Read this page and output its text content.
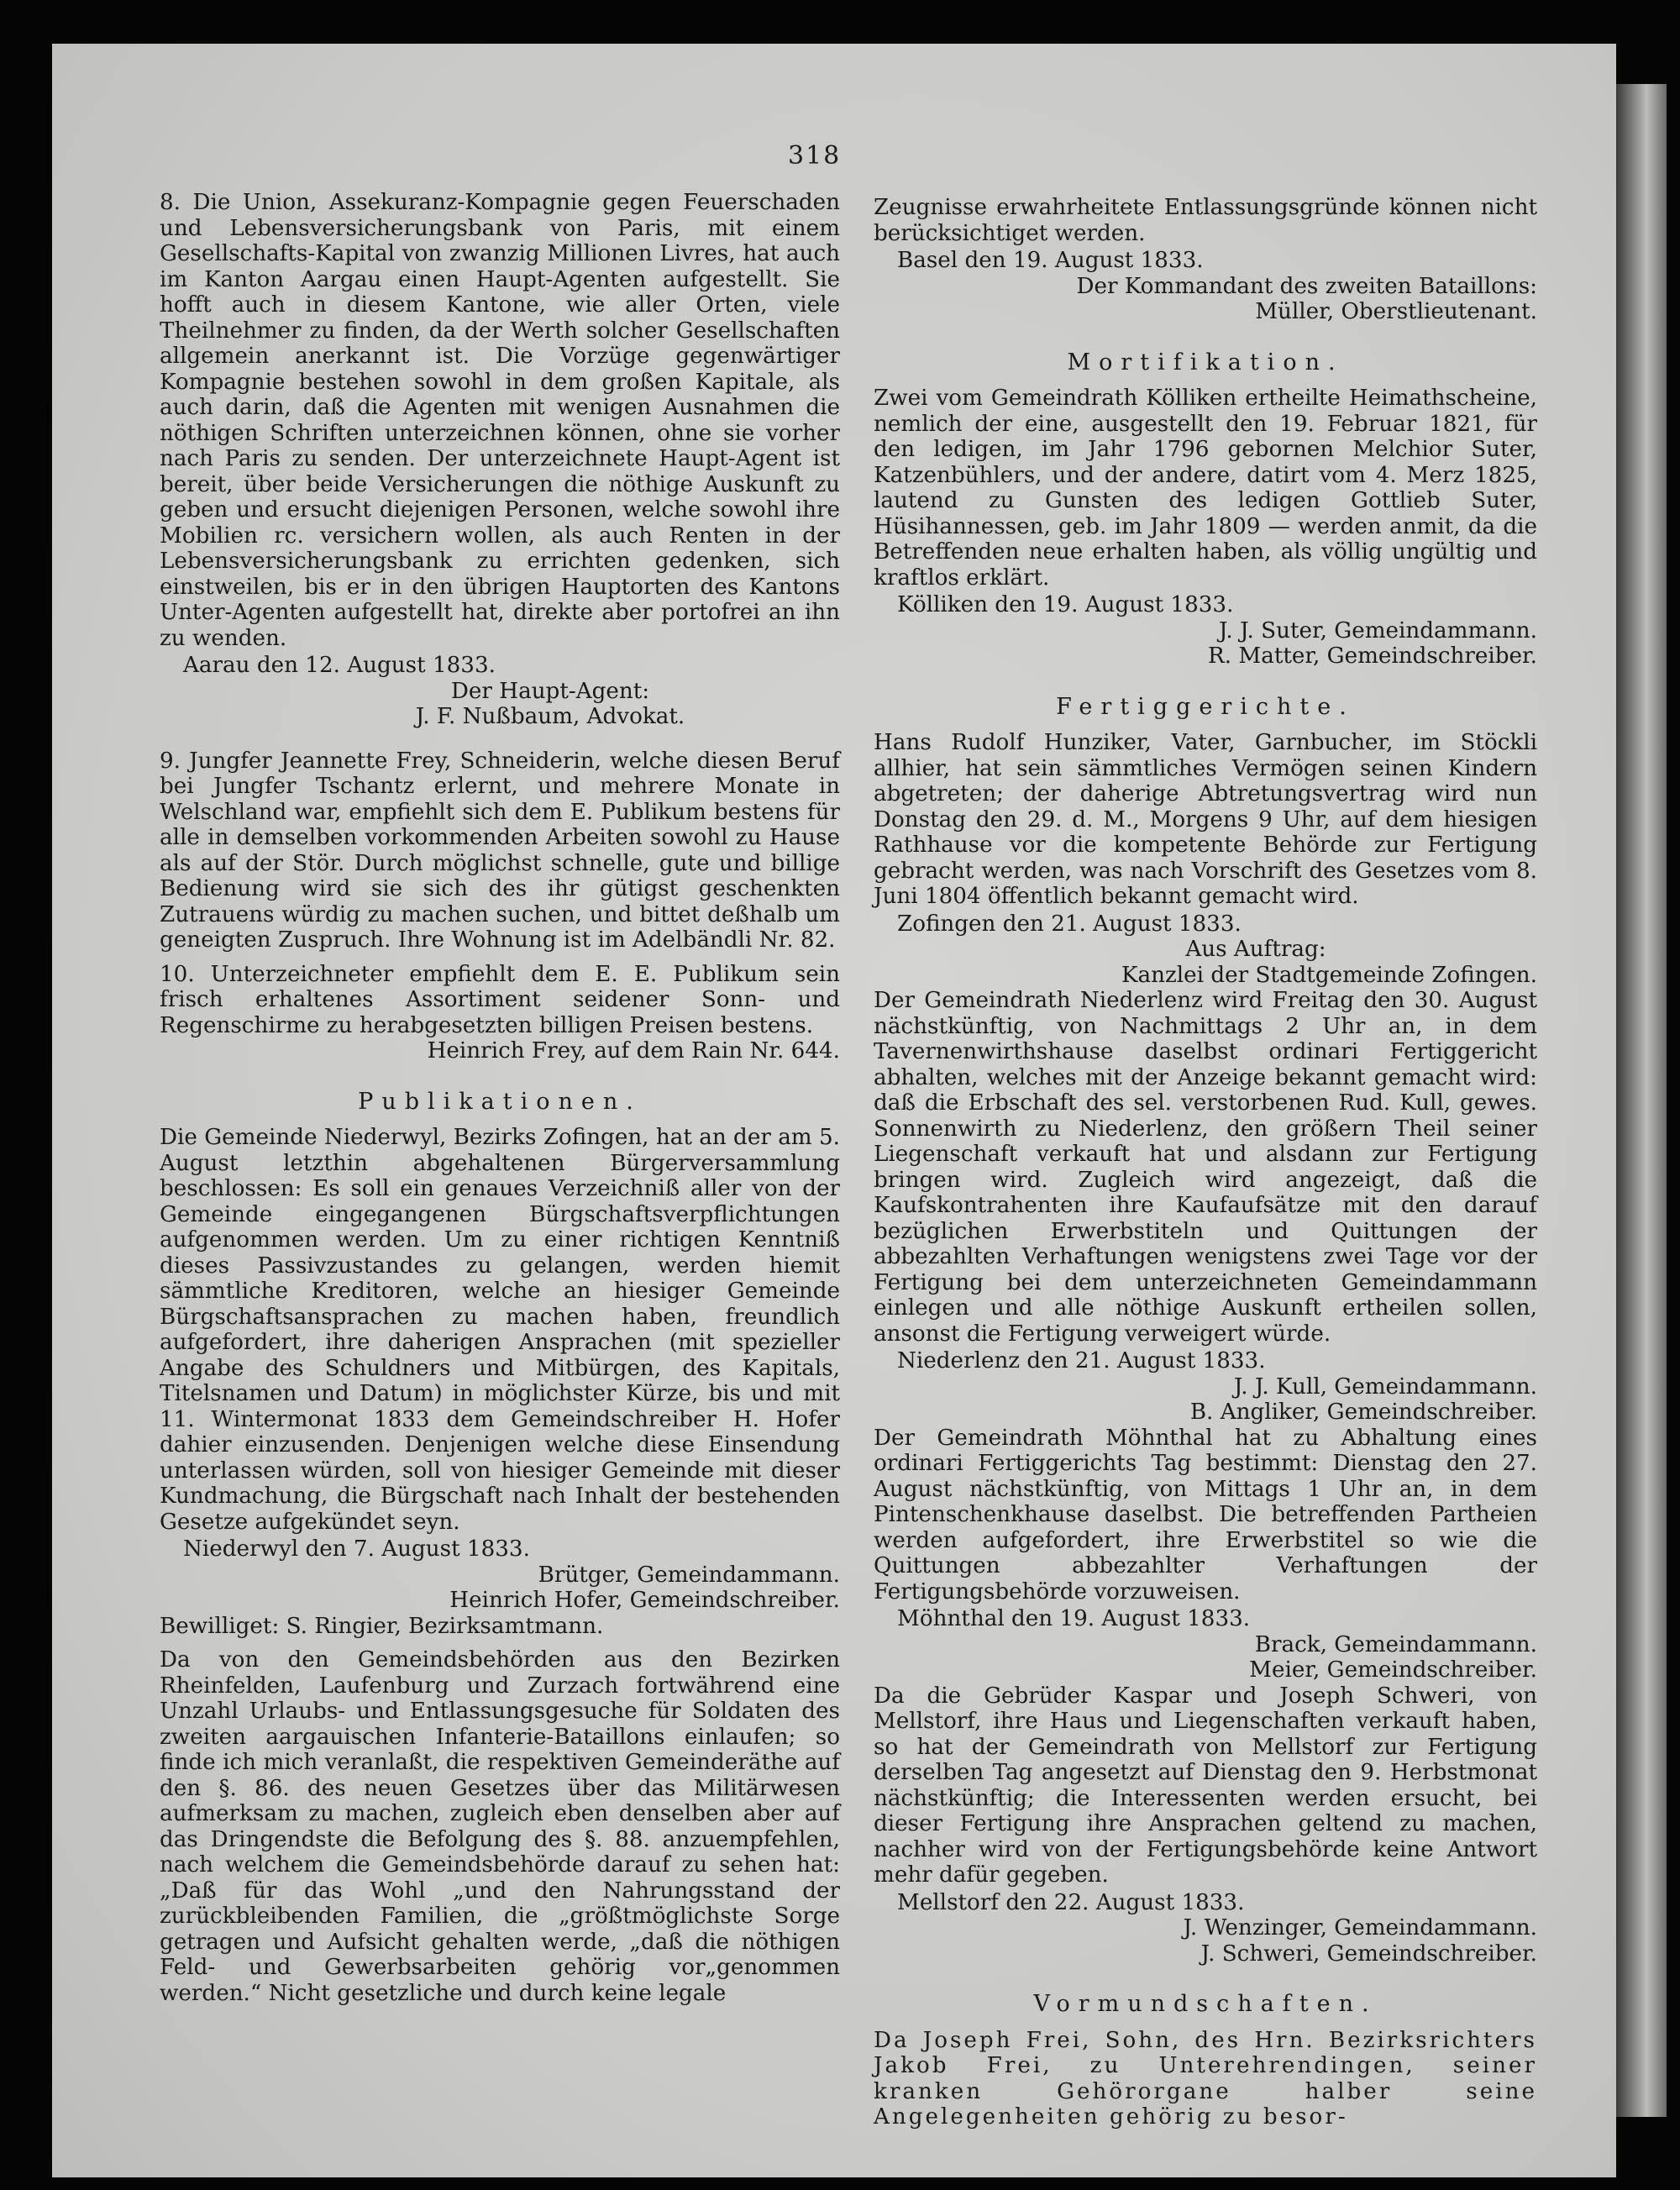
318

8. Die Union, Assekuranz-Kompagnie gegen Feuerschaden und Lebensversicherungsbank von Paris, mit einem Gesellschafts-Kapital von zwanzig Millionen Livres, hat auch im Kanton Aargau einen Haupt-Agenten aufgestellt. Sie hofft auch in diesem Kantone, wie aller Orten, viele Theilnehmer zu finden, da der Werth solcher Gesellschaften allgemein anerkannt ist. Die Vorzüge gegenwärtiger Kompagnie bestehen sowohl in dem großen Kapitale, als auch darin, daß die Agenten mit wenigen Ausnahmen die nöthigen Schriften unterzeichnen können, ohne sie vorher nach Paris zu senden. Der unterzeichnete Haupt-Agent ist bereit, über beide Versicherungen die nöthige Auskunft zu geben und ersucht diejenigen Personen, welche sowohl ihre Mobilien rc. versichern wollen, als auch Renten in der Lebensversicherungsbank zu errichten gedenken, sich einstweilen, bis er in den übrigen Hauptorten des Kantons Unter-Agenten aufgestellt hat, direkte aber portofrei an ihn zu wenden.

Aarau den 12. August 1833.

Der Haupt-Agent:

J. F. Nußbaum, Advokat.

9. Jungfer Jeannette Frey, Schneiderin, welche diesen Beruf bei Jungfer Tschantz erlernt, und mehrere Monate in Welschland war, empfiehlt sich dem E. Publikum bestens für alle in demselben vorkommenden Arbeiten sowohl zu Hause als auf der Stör. Durch möglichst schnelle, gute und billige Bedienung wird sie sich des ihr gütigst geschenkten Zutrauens würdig zu machen suchen, und bittet deßhalb um geneigten Zuspruch. Ihre Wohnung ist im Adelbändli Nr. 82.

10. Unterzeichneter empfiehlt dem E. E. Publikum sein frisch erhaltenes Assortiment seidener Sonn- und Regenschirme zu herabgesetzten billigen Preisen bestens.

Heinrich Frey, auf dem Rain Nr. 644.

Publikationen.

Die Gemeinde Niederwyl, Bezirks Zofingen, hat an der am 5. August letzthin abgehaltenen Bürgerversammlung beschlossen: Es soll ein genaues Verzeichniß aller von der Gemeinde eingegangenen Bürgschaftsverpflichtungen aufgenommen werden. Um zu einer richtigen Kenntniß dieses Passivzustandes zu gelangen, werden hiemit sämmtliche Kreditoren, welche an hiesiger Gemeinde Bürgschaftsansprachen zu machen haben, freundlich aufgefordert, ihre daherigen Ansprachen (mit spezieller Angabe des Schuldners und Mitbürgen, des Kapitals, Titelsnamen und Datum) in möglichster Kürze, bis und mit 11. Wintermonat 1833 dem Gemeindschreiber H. Hofer dahier einzusenden. Denjenigen welche diese Einsendung unterlassen würden, soll von hiesiger Gemeinde mit dieser Kundmachung, die Bürgschaft nach Inhalt der bestehenden Gesetze aufgekündet seyn.

Niederwyl den 7. August 1833.

Brütger, Gemeindammann.

Heinrich Hofer, Gemeindschreiber.

Bewilliget: S. Ringier, Bezirksamtmann.

Da von den Gemeindsbehörden aus den Bezirken Rheinfelden, Laufenburg und Zurzach fortwährend eine Unzahl Urlaubs- und Entlassungsgesuche für Soldaten des zweiten aargauischen Infanterie-Bataillons einlaufen; so finde ich mich veranlaßt, die respektiven Gemeinderäthe auf den §. 86. des neuen Gesetzes über das Militärwesen aufmerksam zu machen, zugleich eben denselben aber auf das Dringendste die Befolgung des §. 88. anzuempfehlen, nach welchem die Gemeindsbehörde darauf zu sehen hat: „Daß für das Wohl „und den Nahrungsstand der zurückbleibenden Familien, die „größtmöglichste Sorge getragen und Aufsicht gehalten werde, „daß die nöthigen Feld- und Gewerbsarbeiten gehörig vor„genommen werden.“ Nicht gesetzliche und durch keine legale

Zeugnisse erwahrheitete Entlassungsgründe können nicht berücksichtiget werden.

Basel den 19. August 1833.

Der Kommandant des zweiten Bataillons:

Müller, Oberstlieutenant.

Mortifikation.

Zwei vom Gemeindrath Kölliken ertheilte Heimathscheine, nemlich der eine, ausgestellt den 19. Februar 1821, für den ledigen, im Jahr 1796 gebornen Melchior Suter, Katzenbühlers, und der andere, datirt vom 4. Merz 1825, lautend zu Gunsten des ledigen Gottlieb Suter, Hüsihannessen, geb. im Jahr 1809 — werden anmit, da die Betreffenden neue erhalten haben, als völlig ungültig und kraftlos erklärt.

Kölliken den 19. August 1833.

J. J. Suter, Gemeindammann.

R. Matter, Gemeindschreiber.

Fertiggerichte.

Hans Rudolf Hunziker, Vater, Garnbucher, im Stöckli allhier, hat sein sämmtliches Vermögen seinen Kindern abgetreten; der daherige Abtretungsvertrag wird nun Donstag den 29. d. M., Morgens 9 Uhr, auf dem hiesigen Rathhause vor die kompetente Behörde zur Fertigung gebracht werden, was nach Vorschrift des Gesetzes vom 8. Juni 1804 öffentlich bekannt gemacht wird.

Zofingen den 21. August 1833.

Aus Auftrag:

Kanzlei der Stadtgemeinde Zofingen.

Der Gemeindrath Niederlenz wird Freitag den 30. August nächstkünftig, von Nachmittags 2 Uhr an, in dem Tavernenwirthshause daselbst ordinari Fertiggericht abhalten, welches mit der Anzeige bekannt gemacht wird: daß die Erbschaft des sel. verstorbenen Rud. Kull, gewes. Sonnenwirth zu Niederlenz, den größern Theil seiner Liegenschaft verkauft hat und alsdann zur Fertigung bringen wird. Zugleich wird angezeigt, daß die Kaufskontrahenten ihre Kaufaufsätze mit den darauf bezüglichen Erwerbstiteln und Quittungen der abbezahlten Verhaftungen wenigstens zwei Tage vor der Fertigung bei dem unterzeichneten Gemeindammann einlegen und alle nöthige Auskunft ertheilen sollen, ansonst die Fertigung verweigert würde.

Niederlenz den 21. August 1833.

J. J. Kull, Gemeindammann.

B. Angliker, Gemeindschreiber.

Der Gemeindrath Möhnthal hat zu Abhaltung eines ordinari Fertiggerichts Tag bestimmt: Dienstag den 27. August nächstkünftig, von Mittags 1 Uhr an, in dem Pintenschenkhause daselbst. Die betreffenden Partheien werden aufgefordert, ihre Erwerbstitel so wie die Quittungen abbezahlter Verhaftungen der Fertigungsbehörde vorzuweisen.

Möhnthal den 19. August 1833.

Brack, Gemeindammann.

Meier, Gemeindschreiber.

Da die Gebrüder Kaspar und Joseph Schweri, von Mellstorf, ihre Haus und Liegenschaften verkauft haben, so hat der Gemeindrath von Mellstorf zur Fertigung derselben Tag angesetzt auf Dienstag den 9. Herbstmonat nächstkünftig; die Interessenten werden ersucht, bei dieser Fertigung ihre Ansprachen geltend zu machen, nachher wird von der Fertigungsbehörde keine Antwort mehr dafür gegeben.

Mellstorf den 22. August 1833.

J. Wenzinger, Gemeindammann.

J. Schweri, Gemeindschreiber.

Vormundschaften.

Da Joseph Frei, Sohn, des Hrn. Bezirksrichters Jakob Frei, zu Unterehrendingen, seiner kranken Gehörorgane halber seine Angelegenheiten gehörig zu besor-
